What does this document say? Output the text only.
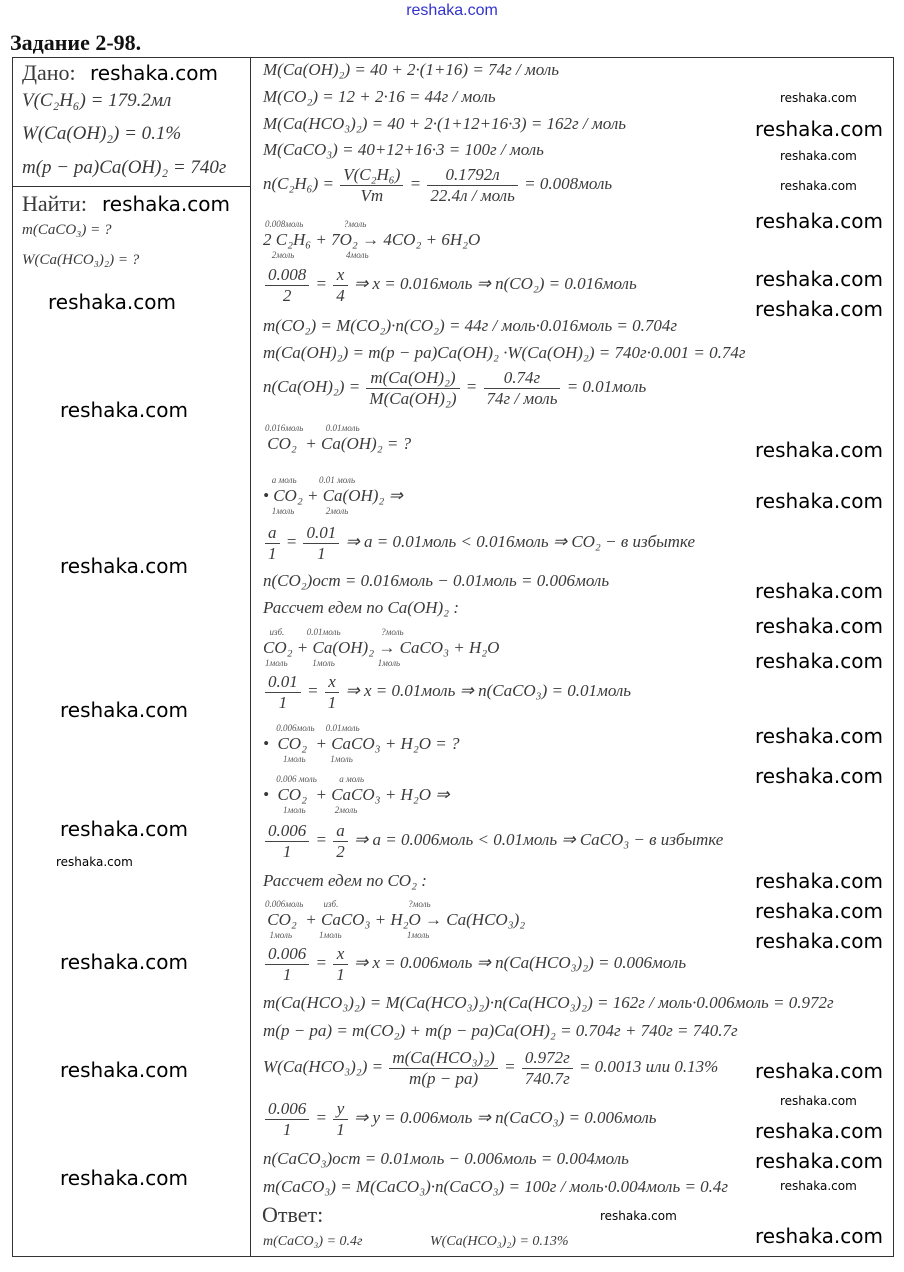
reshaka.com
Задание 2-98.
Дано:
V(C₂H₆) = 179.2мл
W(Ca(OH)₂) = 0.1%
m(p − pa)Ca(OH)₂ = 740г
Найти:
m(CaCO₃) = ?
W(Ca(HCO₃)₂) = ?
M(Ca(OH)₂) = 40 + 2·(1+16) = 74г / моль
M(CO₂) = 12 + 2·16 = 44г / моль
M(Ca(HCO₃)₂) = 40 + 2·(1+12+16·3) = 162г / моль
M(CaCO₃) = 40+12+16·3 = 100г / моль
$n(C_2H_6) = \frac{\text{V(C₂H₆)}}{Vm} = \frac{0.1792л}{\text{22.4л / моль}}$ = 0.008моль
2 C₂H₆ + 7O₂ → 4CO₂ + 6H₂O
0.008моль                  ?моль
2моль                       4моль
$\frac{0.008}{2} = \frac{x}{4}$ ⇒ x = 0.016моль ⇒ n(CO₂) = 0.016моль
m(CO₂) = M(CO₂)·n(CO₂) = 44г / моль·0.016моль = 0.704г
m(Ca(OH)₂) = m(p − pa)Ca(OH)₂ ·W(Ca(OH)₂) = 740г·0.001 = 0.74г
$n(Ca(OH)_2) = \frac{\text{m(Ca(OH)₂)}}{\text{M(Ca(OH)₂)}} = \frac{0.74г}{\text{74г / моль}}$ = 0.01моль
CO₂  + Ca(OH)₂ = ?
0.016моль          0.01моль
• CO₂ + Ca(OH)₂ ⇒
a моль          0.01 моль
1моль              2моль
$\frac{a}{1} = \frac{0.01}{1}$ ⇒ a = 0.01моль < 0.016моль ⇒ CO₂ − в избытке
n(CO₂)ост = 0.016моль − 0.01моль = 0.006моль
Рассчет едем по Ca(OH)₂ :
CO₂ + Ca(OH)₂ → CaCO₃ + H₂O
изб.          0.01моль                  ?моль
1моль           1моль                   1моль
$\frac{0.01}{1} = \frac{x}{1}$ ⇒ x = 0.01моль ⇒ n(CaCO₃) = 0.01моль
•  CO₂  + CaCO₃ + H₂O = ?
0.006моль     0.01моль
1моль           1моль
•  CO₂  + CaCO₃ + H₂O ⇒
0.006 моль          a моль
1моль             2моль
$\frac{0.006}{1} = \frac{a}{2}$ ⇒ a = 0.006моль < 0.01моль ⇒ CaCO₃ − в избытке
Рассчет едем по CO₂ :
CO₂  + CaCO₃ + H₂O → Ca(HCO₃)₂
0.006моль         изб.                               ?моль
1моль            1моль                             1моль
$\frac{0.006}{1} = \frac{x}{1}$ ⇒ x = 0.006моль ⇒ n(Ca(HCO₃)₂) = 0.006моль
m(Ca(HCO₃)₂) = M(Ca(HCO₃)₂)·n(Ca(HCO₃)₂) = 162г / моль·0.006моль = 0.972г
m(p − pa) = m(CO₂) + m(p − pa)Ca(OH)₂ = 0.704г + 740г = 740.7г
$W(Ca(HCO_3)_2) = \frac{\text{m(Ca(HCO₃)₂)}}{m(p - pa)} = \frac{0.972г}{740.7г} = 0.0013$ или 0.13%
$\frac{0.006}{1} = \frac{y}{1}$ ⇒ y = 0.006моль ⇒ n(CaCO₃) = 0.006моль
n(CaCO₃)ост = 0.01моль − 0.006моль = 0.004моль
m(CaCO₃) = M(CaCO₃)·n(CaCO₃) = 100г / моль·0.004моль = 0.4г
Ответ:
m(CaCO₃) = 0.4г	W(Ca(HCO₃)₂) = 0.13%
reshaka.com
reshaka.com
reshaka.com
reshaka.com
reshaka.com
reshaka.com
reshaka.com
reshaka.com
reshaka.com
reshaka.com
reshaka.com
reshaka.com
reshaka.com
reshaka.com
reshaka.com
reshaka.com
reshaka.com
reshaka.com
reshaka.com
reshaka.com
reshaka.com
reshaka.com
reshaka.com
reshaka.com
reshaka.com
reshaka.com
reshaka.com
reshaka.com
reshaka.com
reshaka.com
reshaka.com
reshaka.com
reshaka.com
reshaka.com
reshaka.com
